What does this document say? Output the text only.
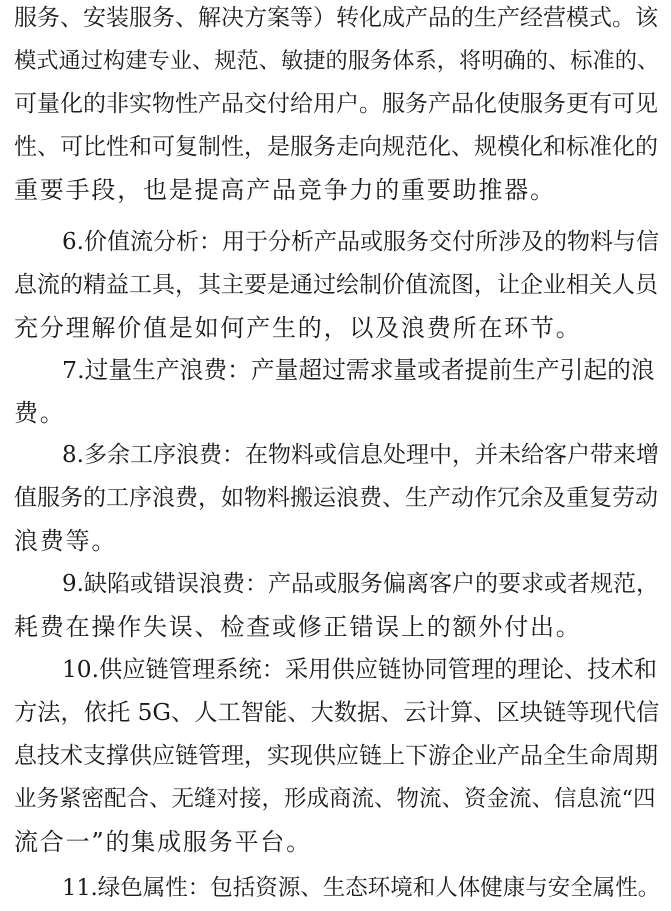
服务、安装服务、解决方案等）转化成产品的生产经营模式。该
模式通过构建专业、规范、敏捷的服务体系，将明确的、标准的、
可量化的非实物性产品交付给用户。服务产品化使服务更有可见
性、可比性和可复制性，是服务走向规范化、规模化和标准化的
重要手段，也是提高产品竞争力的重要助推器。
6.价值流分析：用于分析产品或服务交付所涉及的物料与信
息流的精益工具，其主要是通过绘制价值流图，让企业相关人员
充分理解价值是如何产生的，以及浪费所在环节。
7.过量生产浪费：产量超过需求量或者提前生产引起的浪
费。
8.多余工序浪费：在物料或信息处理中，并未给客户带来增
值服务的工序浪费，如物料搬运浪费、生产动作冗余及重复劳动
浪费等。
9.缺陷或错误浪费：产品或服务偏离客户的要求或者规范，
耗费在操作失误、检查或修正错误上的额外付出。
10.供应链管理系统：采用供应链协同管理的理论、技术和
方法，依托 5G、人工智能、大数据、云计算、区块链等现代信
息技术支撑供应链管理，实现供应链上下游企业产品全生命周期
业务紧密配合、无缝对接，形成商流、物流、资金流、信息流“四
流合一”的集成服务平台。
11.绿色属性：包括资源、生态环境和人体健康与安全属性。
